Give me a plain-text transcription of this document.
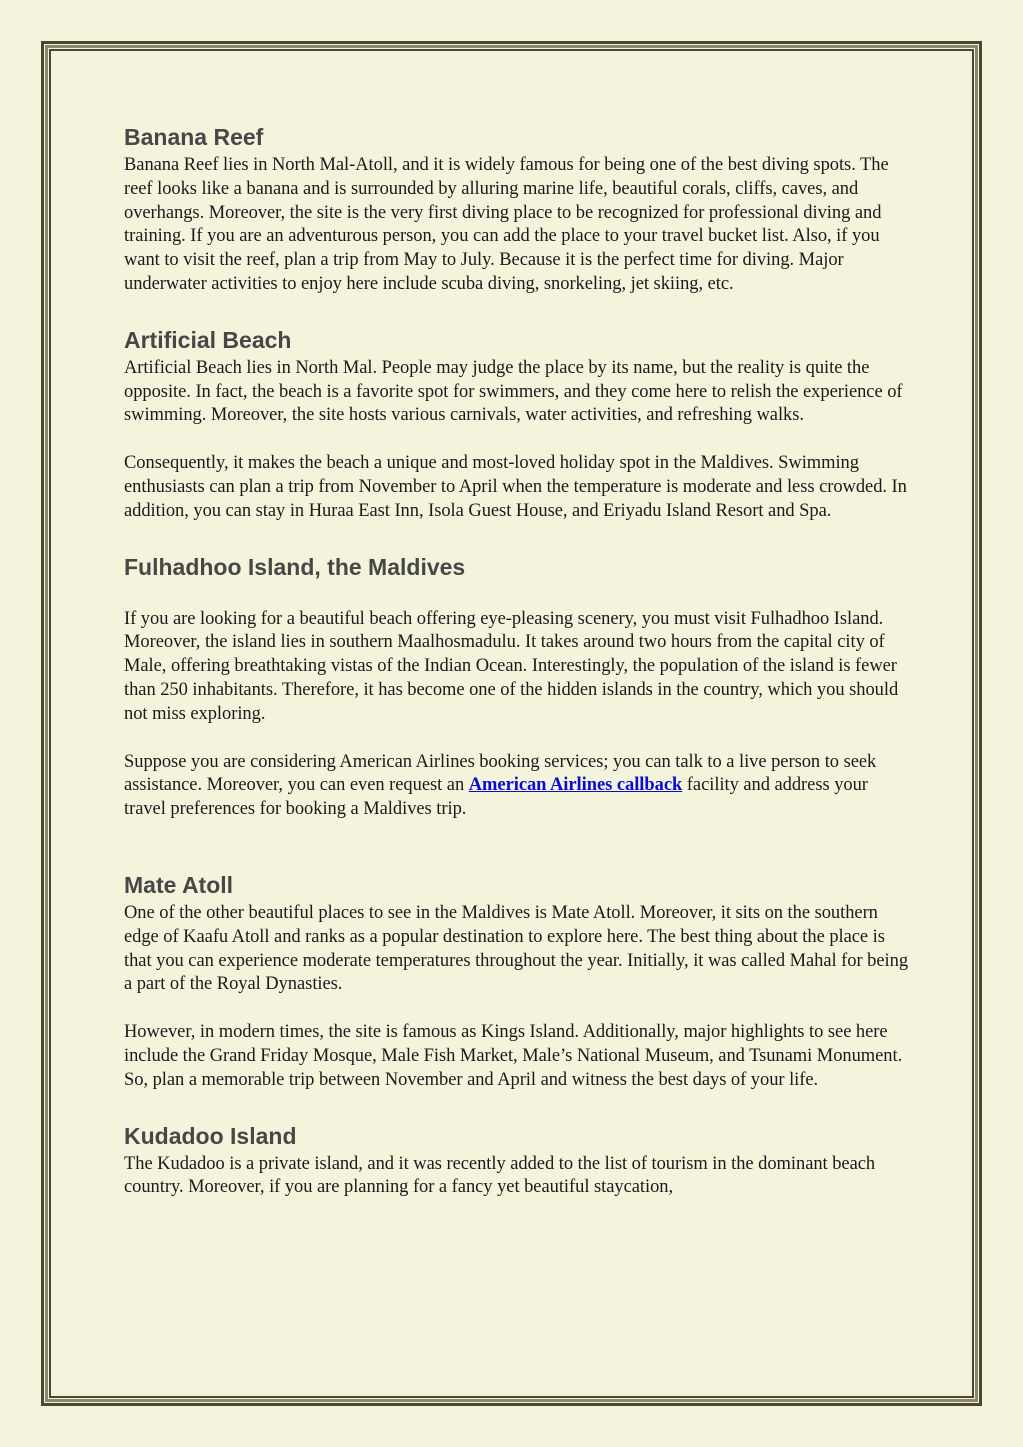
Banana Reef

Banana Reef lies in North Mal-Atoll, and it is widely famous for being one of the best diving spots. The reef looks like a banana and is surrounded by alluring marine life, beautiful corals, cliffs, caves, and overhangs. Moreover, the site is the very first diving place to be recognized for professional diving and training. If you are an adventurous person, you can add the place to your travel bucket list. Also, if you want to visit the reef, plan a trip from May to July. Because it is the perfect time for diving. Major underwater activities to enjoy here include scuba diving, snorkeling, jet skiing, etc.

Artificial Beach

Artificial Beach lies in North Mal. People may judge the place by its name, but the reality is quite the opposite. In fact, the beach is a favorite spot for swimmers, and they come here to relish the experience of swimming. Moreover, the site hosts various carnivals, water activities, and refreshing walks.

Consequently, it makes the beach a unique and most-loved holiday spot in the Maldives. Swimming enthusiasts can plan a trip from November to April when the temperature is moderate and less crowded. In addition, you can stay in Huraa East Inn, Isola Guest House, and Eriyadu Island Resort and Spa.

Fulhadhoo Island, the Maldives

If you are looking for a beautiful beach offering eye-pleasing scenery, you must visit Fulhadhoo Island. Moreover, the island lies in southern Maalhosmadulu. It takes around two hours from the capital city of Male, offering breathtaking vistas of the Indian Ocean. Interestingly, the population of the island is fewer than 250 inhabitants. Therefore, it has become one of the hidden islands in the country, which you should not miss exploring.

Suppose you are considering American Airlines booking services; you can talk to a live person to seek assistance. Moreover, you can even request an American Airlines callback facility and address your travel preferences for booking a Maldives trip.

Mate Atoll

One of the other beautiful places to see in the Maldives is Mate Atoll. Moreover, it sits on the southern edge of Kaafu Atoll and ranks as a popular destination to explore here. The best thing about the place is that you can experience moderate temperatures throughout the year. Initially, it was called Mahal for being a part of the Royal Dynasties.

However, in modern times, the site is famous as Kings Island. Additionally, major highlights to see here include the Grand Friday Mosque, Male Fish Market, Male’s National Museum, and Tsunami Monument. So, plan a memorable trip between November and April and witness the best days of your life.

Kudadoo Island

The Kudadoo is a private island, and it was recently added to the list of tourism in the dominant beach country. Moreover, if you are planning for a fancy yet beautiful staycation,
